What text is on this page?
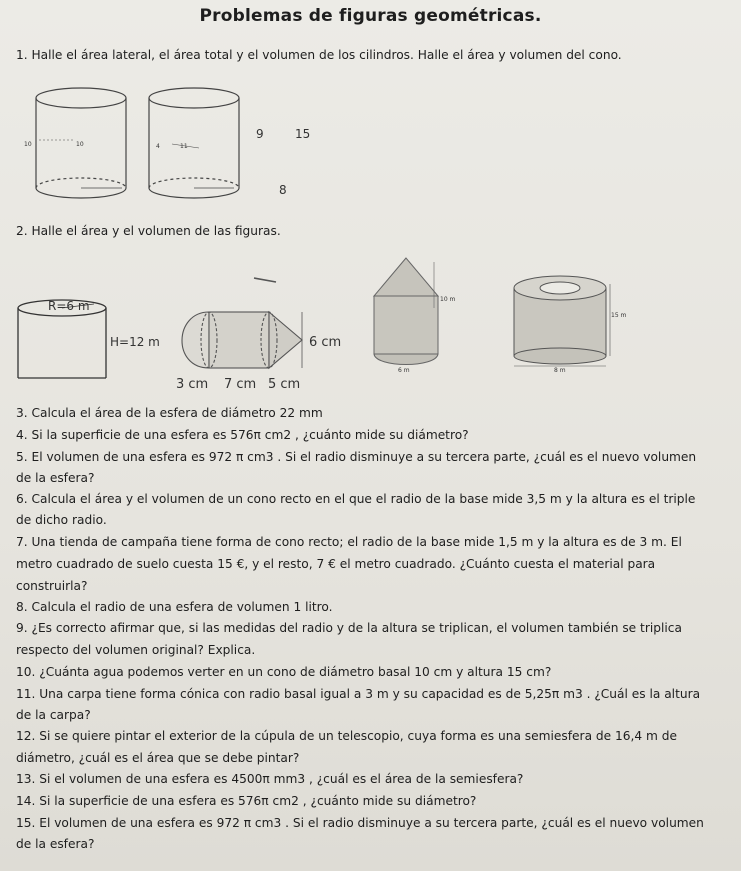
Problemas de figuras geométricas.
1. Halle el área lateral, el área total y el volumen de los cilindros. Halle el área y volumen del cono.
10	10	4	11
9	15
8
2. Halle el área y el volumen de las figuras.
R=6 m
H=12 m	6 cm
3 cm 7 cm 5 cm
10 m
6 m
15 m
8 m
3. Calcula el área de la esfera de diámetro 22 mm
4. Si la superficie de una esfera es 576π cm2 , ¿cuánto mide su diámetro?
5. El volumen de una esfera es 972 π cm3 . Si el radio disminuye a su tercera parte, ¿cuál es el nuevo volumen
de la esfera?
6. Calcula el área y el volumen de un cono recto en el que el radio de la base mide 3,5 m y la altura es el triple
de dicho radio.
7. Una tienda de campaña tiene forma de cono recto; el radio de la base mide 1,5 m y la altura es de 3 m. El
metro cuadrado de suelo cuesta 15 €, y el resto, 7 € el metro cuadrado. ¿Cuánto cuesta el material para
construirla?
8. Calcula el radio de una esfera de volumen 1 litro.
9. ¿Es correcto afirmar que, si las medidas del radio y de la altura se triplican, el volumen también se triplica
respecto del volumen original? Explica.
10. ¿Cuánta agua podemos verter en un cono de diámetro basal 10 cm y altura 15 cm?
11. Una carpa tiene forma cónica con radio basal igual a 3 m y su capacidad es de 5,25π m3 . ¿Cuál es la altura
de la carpa?
12. Si se quiere pintar el exterior de la cúpula de un telescopio, cuya forma es una semiesfera de 16,4 m de
diámetro, ¿cuál es el área que se debe pintar?
13. Si el volumen de una esfera es 4500π mm3 , ¿cuál es el área de la semiesfera?
14. Si la superficie de una esfera es 576π cm2 , ¿cuánto mide su diámetro?
15. El volumen de una esfera es 972 π cm3 . Si el radio disminuye a su tercera parte, ¿cuál es el nuevo volumen
de la esfera?
